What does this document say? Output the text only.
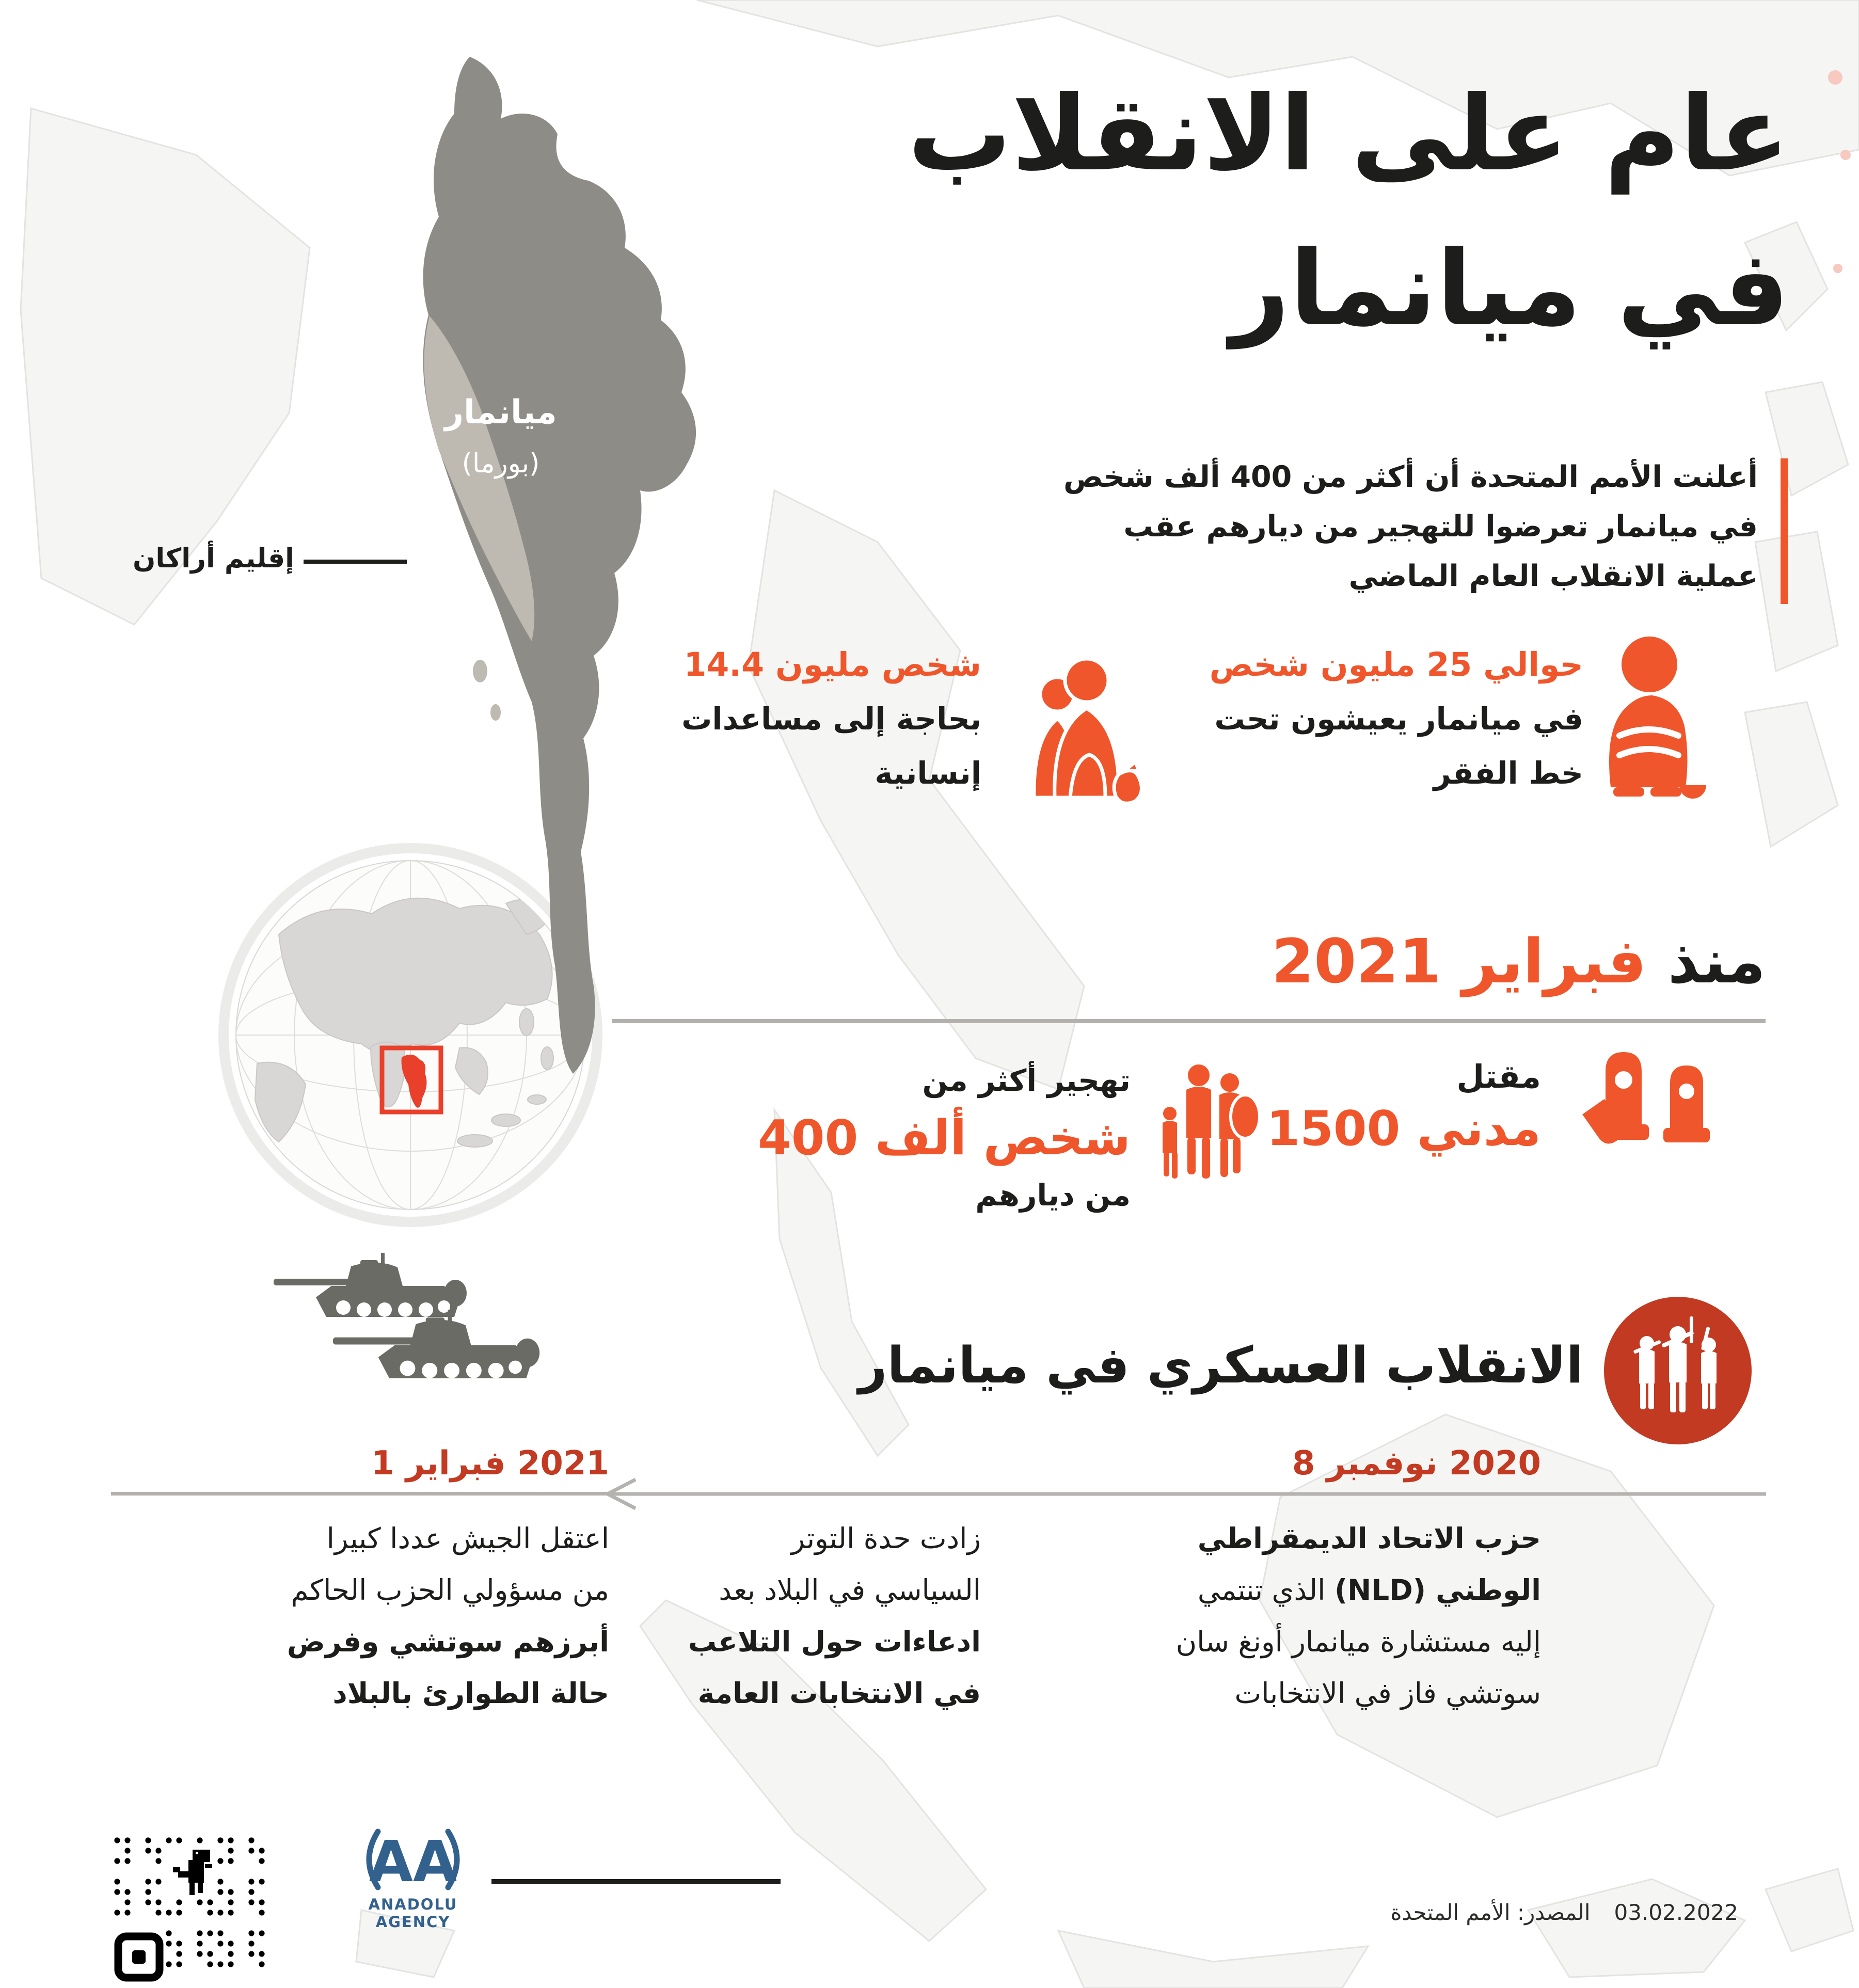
ميانمار
(بورما)
إقليم أراكان
عام على الانقلاب
في ميانمار
أعلنت الأمم المتحدة أن أكثر من 400 ألف شخص
في ميانمار تعرضوا للتهجير من ديارهم عقب
عملية الانقلاب العام الماضي
حوالي 25 مليون شخص
في ميانمار يعيشون تحت
خط الفقر
14.4 مليون شخص
بحاجة إلى مساعدات
إنسانية
منذ فبراير 2021
مقتل
1500 مدني
تهجير أكثر من
400 ألف شخص
من ديارهم
الانقلاب العسكري في ميانمار
8 نوفمبر 2020
1 فبراير 2021
حزب الاتحاد الديمقراطي
الوطني (NLD) الذي تنتمي
إليه مستشارة ميانمار أونغ سان
سوتشي فاز في الانتخابات
زادت حدة التوتر
السياسي في البلاد بعد
ادعاءات حول التلاعب
في الانتخابات العامة
اعتقل الجيش عددا كبيرا
من مسؤولي الحزب الحاكم
أبرزهم سوتشي وفرض
حالة الطوارئ بالبلاد
AA
ANADOLU AGENCY	المصدر: الأمم المتحدة 03.02.2022
